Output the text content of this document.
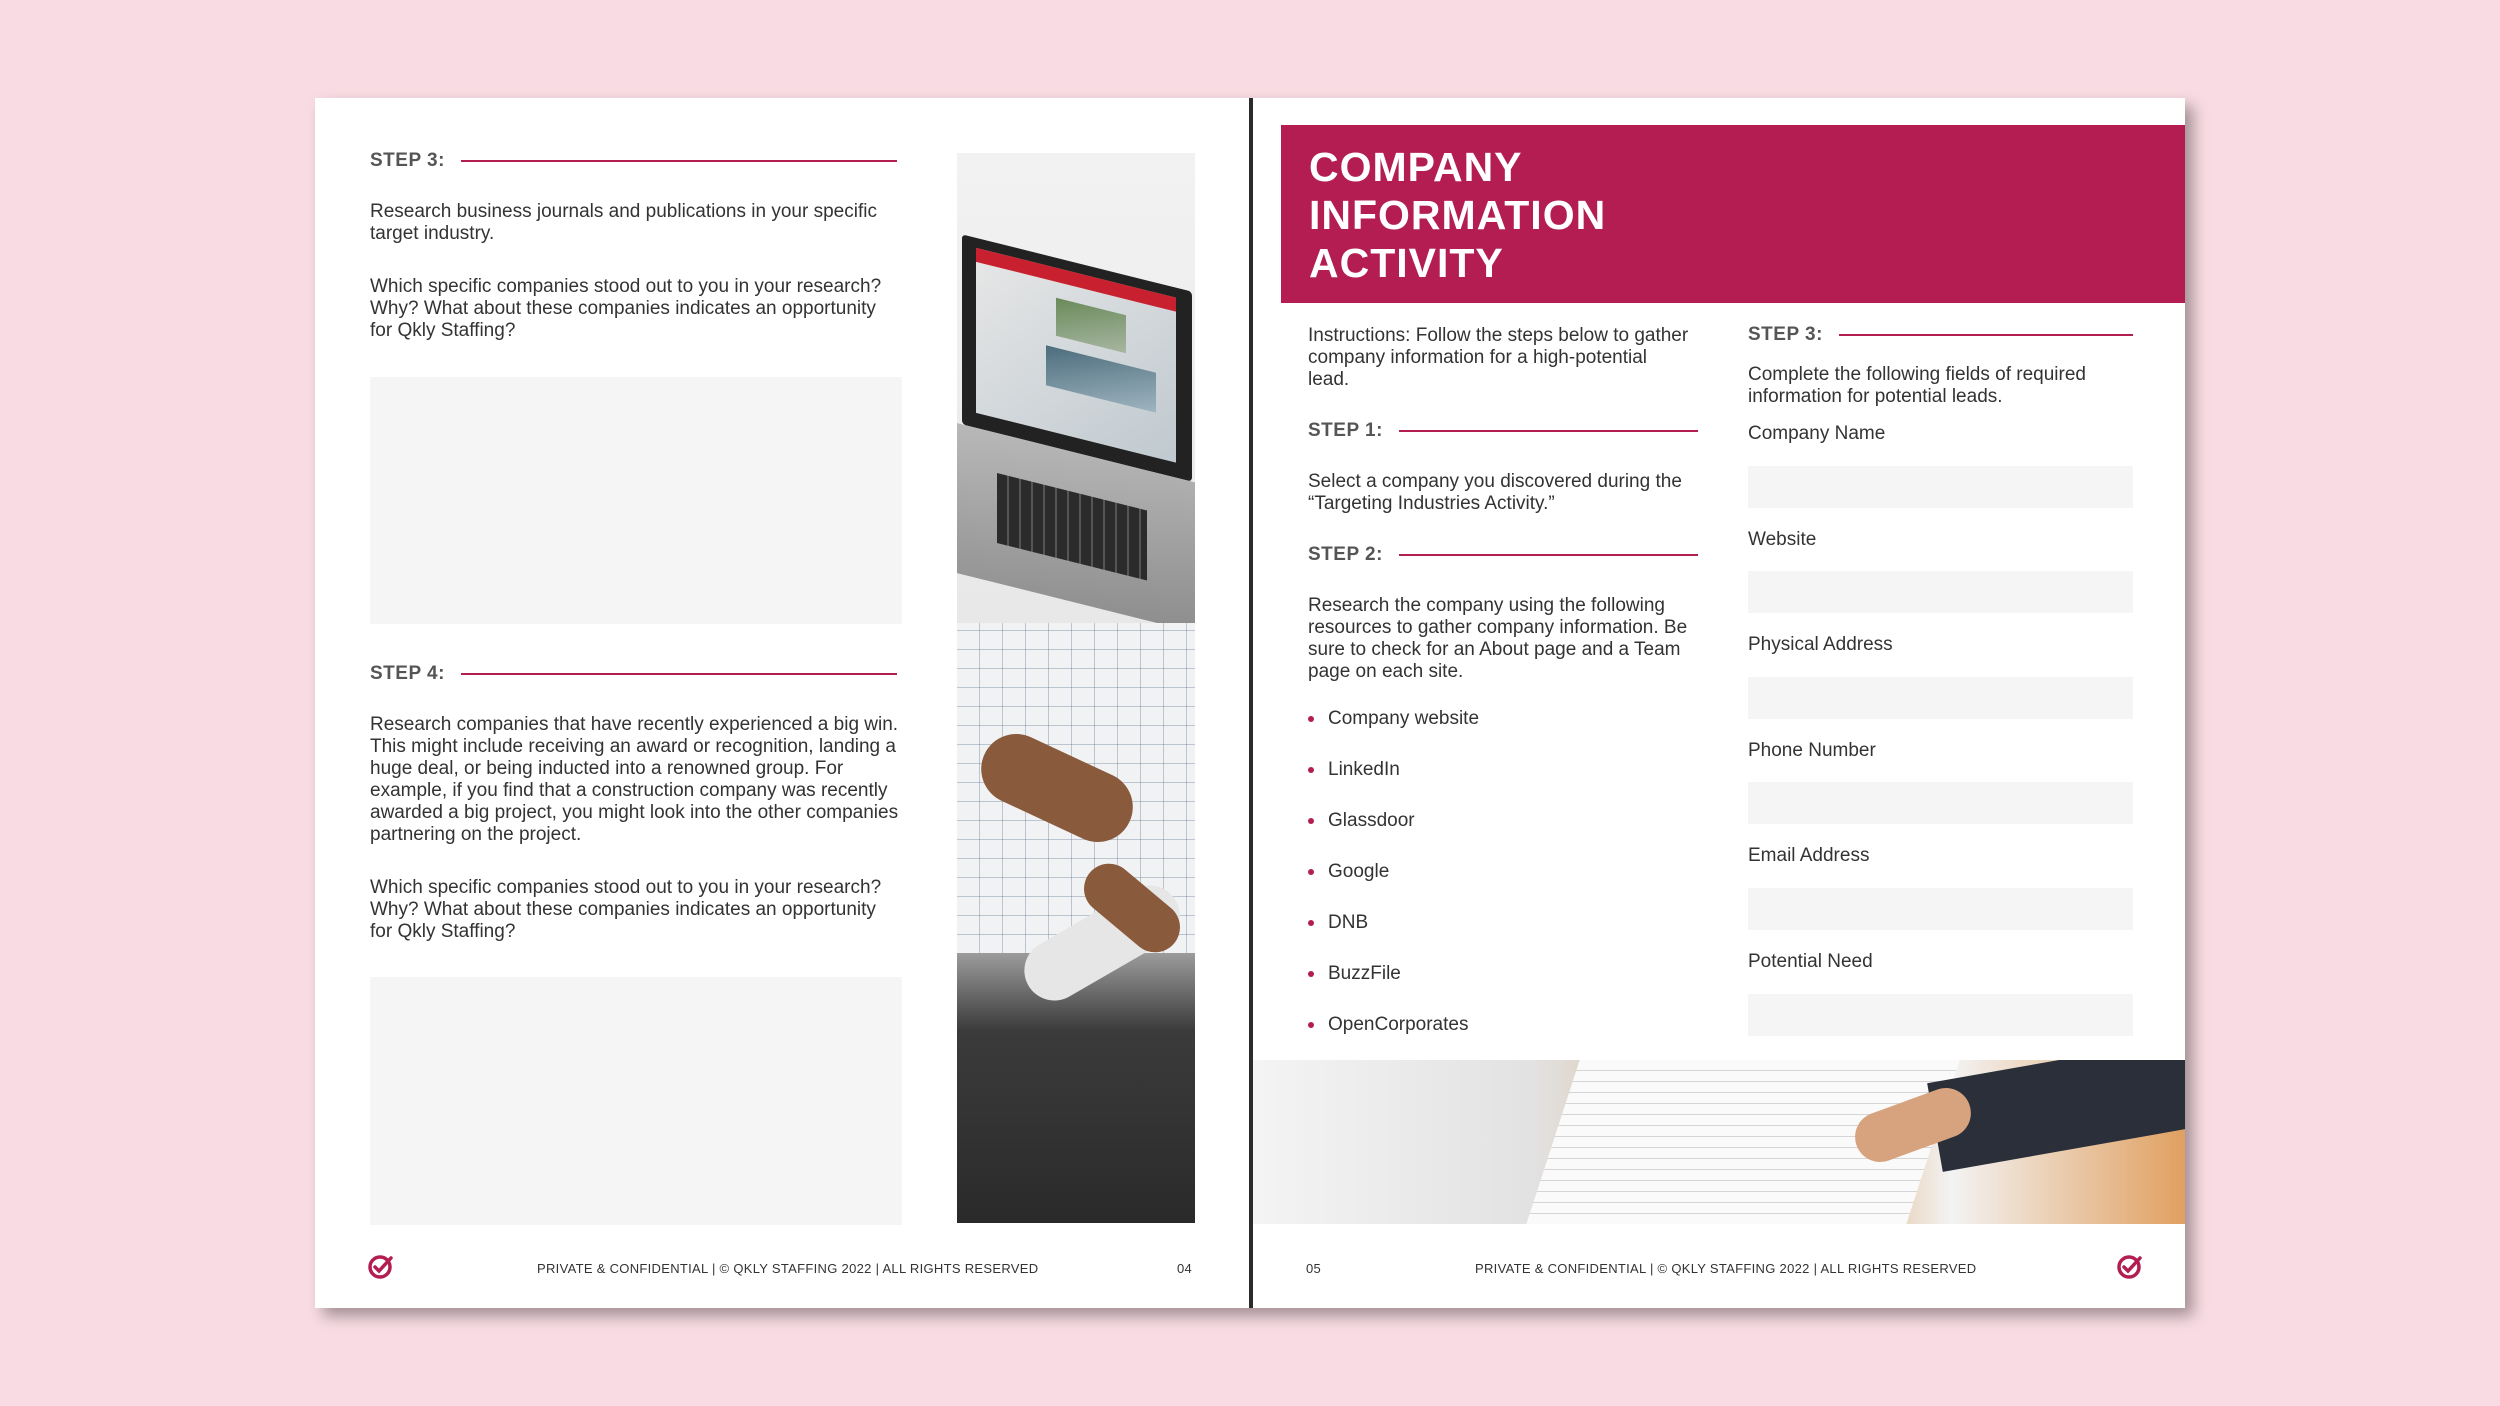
STEP 3:

Research business journals and publications in your specific target industry.

Which specific companies stood out to you in your research? Why? What about these companies indicates an opportunity for Qkly Staffing?

STEP 4:

Research companies that have recently experienced a big win. This might include receiving an award or recognition, landing a huge deal, or being inducted into a renowned group. For example, if you find that a construction company was recently awarded a big project, you might look into the other companies partnering on the project.

Which specific companies stood out to you in your research? Why? What about these companies indicates an opportunity for Qkly Staffing?

PRIVATE & CONFIDENTIAL | © QKLY STAFFING 2022 | ALL RIGHTS RESERVED	04
COMPANY
INFORMATION
ACTIVITY

Instructions: Follow the steps below to gather company information for a high-potential lead.

STEP 1:

Select a company you discovered during the “Targeting Industries Activity.”

STEP 2:

Research the company using the following resources to gather company information. Be sure to check for an About page and a Team page on each site.

Company website
LinkedIn
Glassdoor
Google
DNB
BuzzFile
OpenCorporates
STEP 3:

Complete the following fields of required information for potential leads.

Company Name
Website
Physical Address
Phone Number
Email Address
Potential Need
05	PRIVATE & CONFIDENTIAL | © QKLY STAFFING 2022 | ALL RIGHTS RESERVED
